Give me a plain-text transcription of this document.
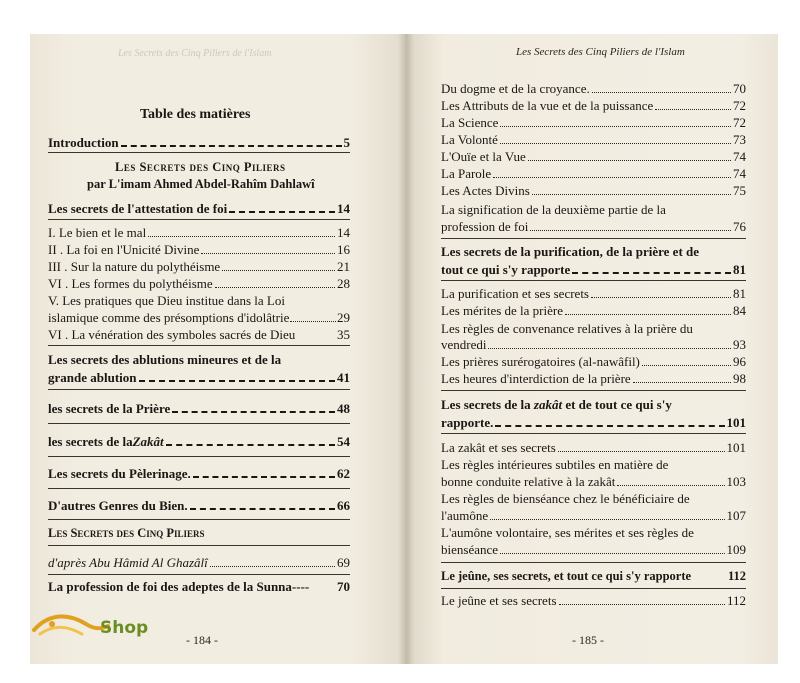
Les Secrets des Cinq Piliers de l'Islam	Les Secrets des Cinq Piliers de l'Islam
Table des matières
Introduction	5
Les Secrets des Cinq Piliers
par L'imam Ahmed Abdel-Rahîm Dahlawî
Les secrets de l'attestation de foi	14
I. Le bien et le mal	14
II . La foi en l'Unicité Divine	16
III . Sur la nature du polythéisme	21
VI . Les formes du polythéisme	28
V. Les pratiques que Dieu institue dans la Loi
islamique comme des présomptions d'idolâtrie	29
VI . La vénération des symboles sacrés de Dieu	35
Les secrets des ablutions mineures et de la
grande ablution	41
les secrets de la Prière	48
les secrets de la Zakât	54
Les secrets du Pèlerinage.	62
D'autres Genres du Bien.	66
Les Secrets des Cinq Piliers
d'après Abu Hâmid Al Ghazâlî	69
La profession de foi des adeptes de la Sunna---- 70
- 184 -
Du dogme et de la croyance.	70
Les Attributs de la vue et de la puissance	72
La Science	72
La Volonté	73
L'Ouïe et la Vue	74
La Parole	74
Les Actes Divins	75
La signification de la deuxième partie de la
profession de foi	76
Les secrets de la purification, de la prière et de
tout ce qui s'y rapporte	81
La purification et ses secrets	81
Les mérites de la prière	84
Les règles de convenance relatives à la prière du
vendredi	93
Les prières surérogatoires (al-nawâfil)	96
Les heures d'interdiction de la prière	98
Les secrets de la zakât et de tout ce qui s'y
rapporte.	101
La zakât et ses secrets	101
Les règles intérieures subtiles en matière de
bonne conduite relative à la zakât	103
Les règles de bienséance chez le bénéficiaire de
l'aumône	107
L'aumône volontaire, ses mérites et ses règles de
bienséance	109
Le jeûne, ses secrets, et tout ce qui s'y rapporte	112
Le jeûne et ses secrets	112
- 185 -
Shop
